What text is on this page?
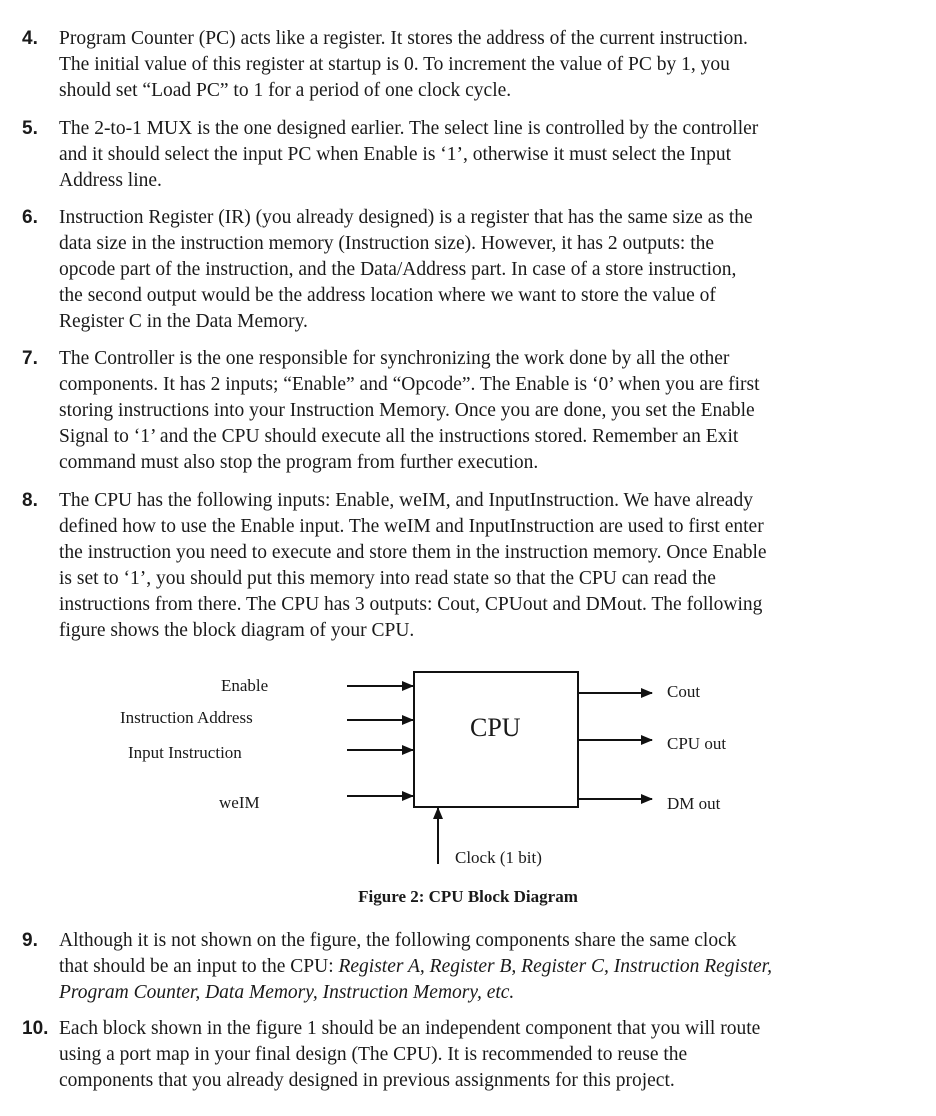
4. Program Counter (PC) acts like a register. It stores the address of the current instruction.
The initial value of this register at startup is 0. To increment the value of PC by 1, you
should set “Load PC” to 1 for a period of one clock cycle.
5. The 2-to-1 MUX is the one designed earlier. The select line is controlled by the controller
and it should select the input PC when Enable is ‘1’, otherwise it must select the Input
Address line.
6. Instruction Register (IR) (you already designed) is a register that has the same size as the
data size in the instruction memory (Instruction size). However, it has 2 outputs: the
opcode part of the instruction, and the Data/Address part. In case of a store instruction,
the second output would be the address location where we want to store the value of
Register C in the Data Memory.
7. The Controller is the one responsible for synchronizing the work done by all the other
components. It has 2 inputs; “Enable” and “Opcode”. The Enable is ‘0’ when you are first
storing instructions into your Instruction Memory. Once you are done, you set the Enable
Signal to ‘1’ and the CPU should execute all the instructions stored. Remember an Exit
command must also stop the program from further execution.
8. The CPU has the following inputs: Enable, weIM, and InputInstruction. We have already
defined how to use the Enable input. The weIM and InputInstruction are used to first enter
the instruction you need to execute and store them in the instruction memory. Once Enable
is set to ‘1’, you should put this memory into read state so that the CPU can read the
instructions from there. The CPU has 3 outputs: Cout, CPUout and DMout. The following
figure shows the block diagram of your CPU.
Enable
Instruction Address
Input Instruction
weIM
CPU
Cout
CPU out
DM out
Clock (1 bit)
Figure 2: CPU Block Diagram
9. Although it is not shown on the figure, the following components share the same clock
that should be an input to the CPU: Register A, Register B, Register C, Instruction Register,
Program Counter, Data Memory, Instruction Memory, etc.
10. Each block shown in the figure 1 should be an independent component that you will route
using a port map in your final design (The CPU). It is recommended to reuse the
components that you already designed in previous assignments for this project.
